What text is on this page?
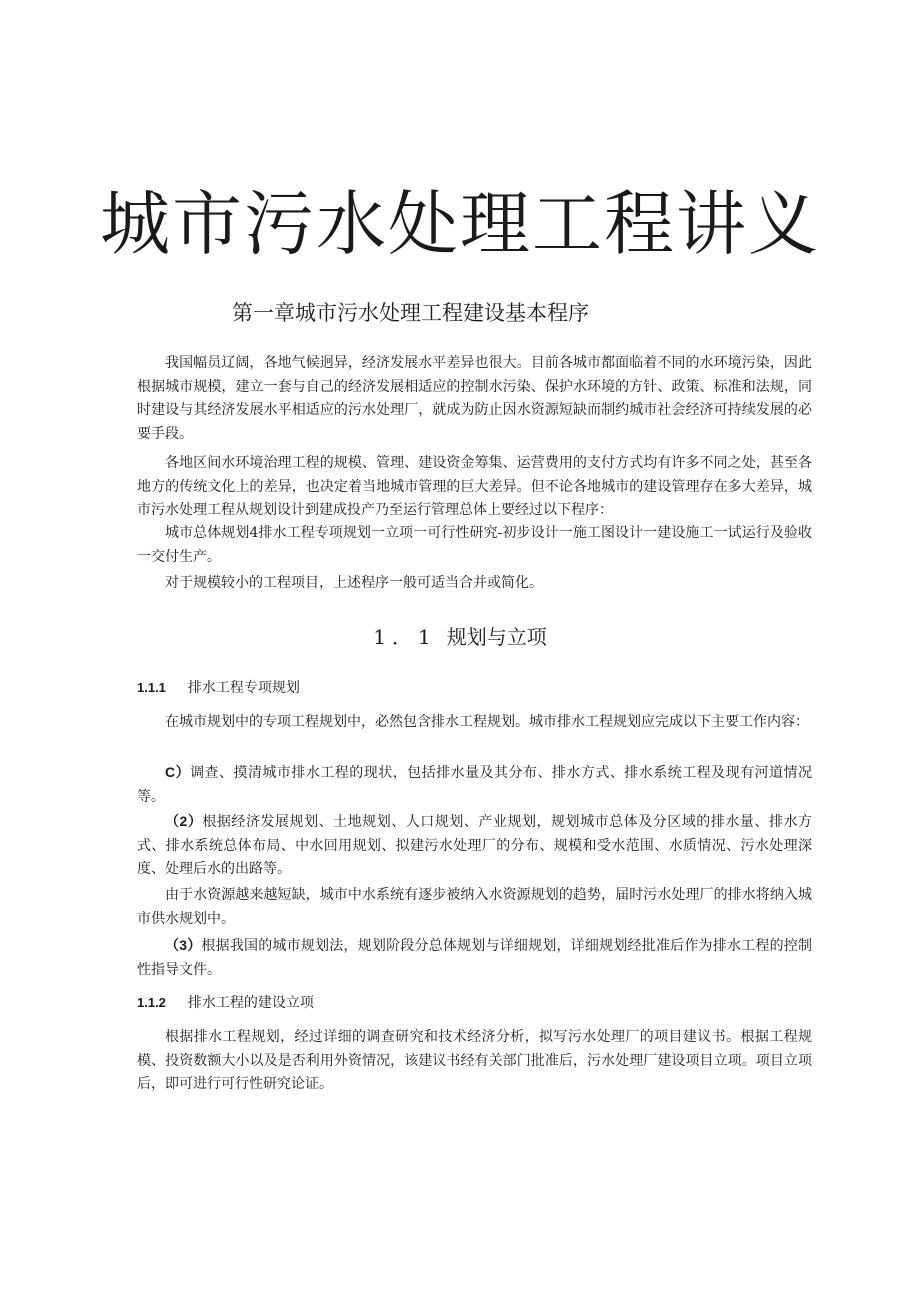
城市污水处理工程讲义
第一章城市污水处理工程建设基本程序

我国幅员辽阔，各地气候迥异，经济发展水平差异也很大。目前各城市都面临着不同的水环境污染，因此根据城市规模，建立一套与自己的经济发展相适应的控制水污染、保护水环境的方针、政策、标准和法规，同时建设与其经济发展水平相适应的污水处理厂，就成为防止因水资源短缺而制约城市社会经济可持续发展的必要手段。

各地区间水环境治理工程的规模、管理、建设资金筹集、运营费用的支付方式均有许多不同之处，甚至各地方的传统文化上的差异，也决定着当地城市管理的巨大差异。但不论各地城市的建设管理存在多大差异，城市污水处理工程从规划设计到建成投产乃至运行管理总体上要经过以下程序：

城市总体规划4排水工程专项规划一立项一可行性研究-初步设计一施工图设计一建设施工一试运行及验收一交付生产。

对于规模较小的工程项目，上述程序一般可适当合并或简化。

1．1 规划与立项
1.1.1 排水工程专项规划

在城市规划中的专项工程规划中，必然包含排水工程规划。城市排水工程规划应完成以下主要工作内容：

C）调查、摸清城市排水工程的现状，包括排水量及其分布、排水方式、排水系统工程及现有河道情况等。

（2）根据经济发展规划、土地规划、人口规划、产业规划，规划城市总体及分区域的排水量、排水方式、排水系统总体布局、中水回用规划、拟建污水处理厂的分布、规模和受水范围、水质情况、污水处理深度、处理后水的出路等。

由于水资源越来越短缺，城市中水系统有逐步被纳入水资源规划的趋势，届时污水处理厂的排水将纳入城市供水规划中。

（3）根据我国的城市规划法，规划阶段分总体规划与详细规划，详细规划经批准后作为排水工程的控制性指导文件。

1.1.2 排水工程的建设立项

根据排水工程规划，经过详细的调查研究和技术经济分析，拟写污水处理厂的项目建议书。根据工程规模、投资数额大小以及是否利用外资情况，该建议书经有关部门批准后，污水处理厂建设项目立项。项目立项后，即可进行可行性研究论证。
